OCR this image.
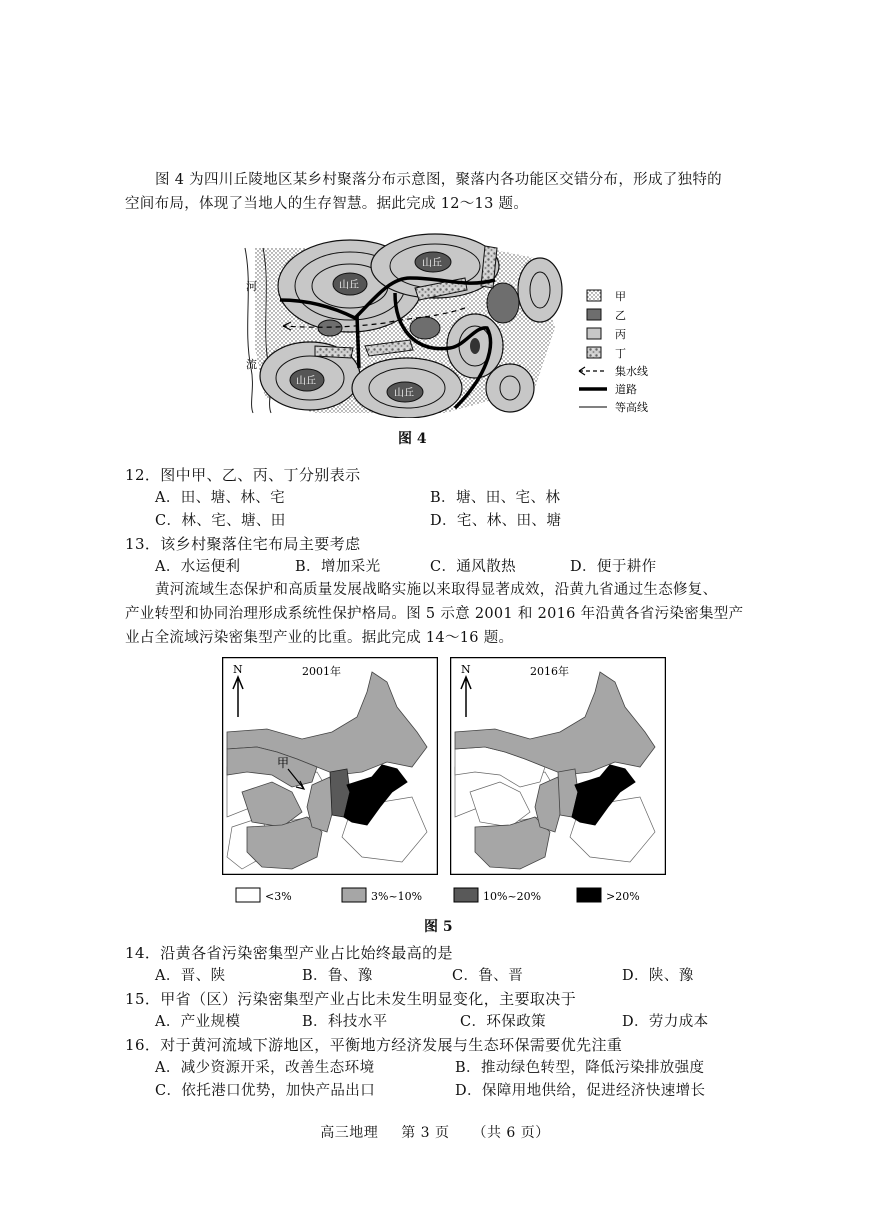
图 4 为四川丘陵地区某乡村聚落分布示意图，聚落内各功能区交错分布，形成了独特的
空间布局，体现了当地人的生存智慧。据此完成 12～13 题。
河
流
山丘
山丘
山丘
山丘
甲
乙
丙
丁
集水线
道路
等高线
图 4
12．图中甲、乙、丙、丁分别表示
A．田、塘、林、宅	B．塘、田、宅、林
C．林、宅、塘、田	D．宅、林、田、塘
13．该乡村聚落住宅布局主要考虑
A．水运便利	B．增加采光	C．通风散热	D．便于耕作
黄河流域生态保护和高质量发展战略实施以来取得显著成效，沿黄九省通过生态修复、
产业转型和协同治理形成系统性保护格局。图 5 示意 2001 和 2016 年沿黄各省污染密集型产
业占全流域污染密集型产业的比重。据此完成 14～16 题。
N	2001年
甲
N	2016年
<3%	3%~10%	10%~20%	>20%
图 5
14．沿黄各省污染密集型产业占比始终最高的是
A．晋、陕	B．鲁、豫	C．鲁、晋	D．陕、豫
15．甲省（区）污染密集型产业占比未发生明显变化，主要取决于
A．产业规模	B．科技水平	C．环保政策	D．劳力成本
16．对于黄河流域下游地区，平衡地方经济发展与生态环保需要优先注重
A．减少资源开采，改善生态环境	B．推动绿色转型，降低污染排放强度
C．依托港口优势，加快产品出口	D．保障用地供给，促进经济快速增长
高三地理 第 3 页 （共 6 页）
